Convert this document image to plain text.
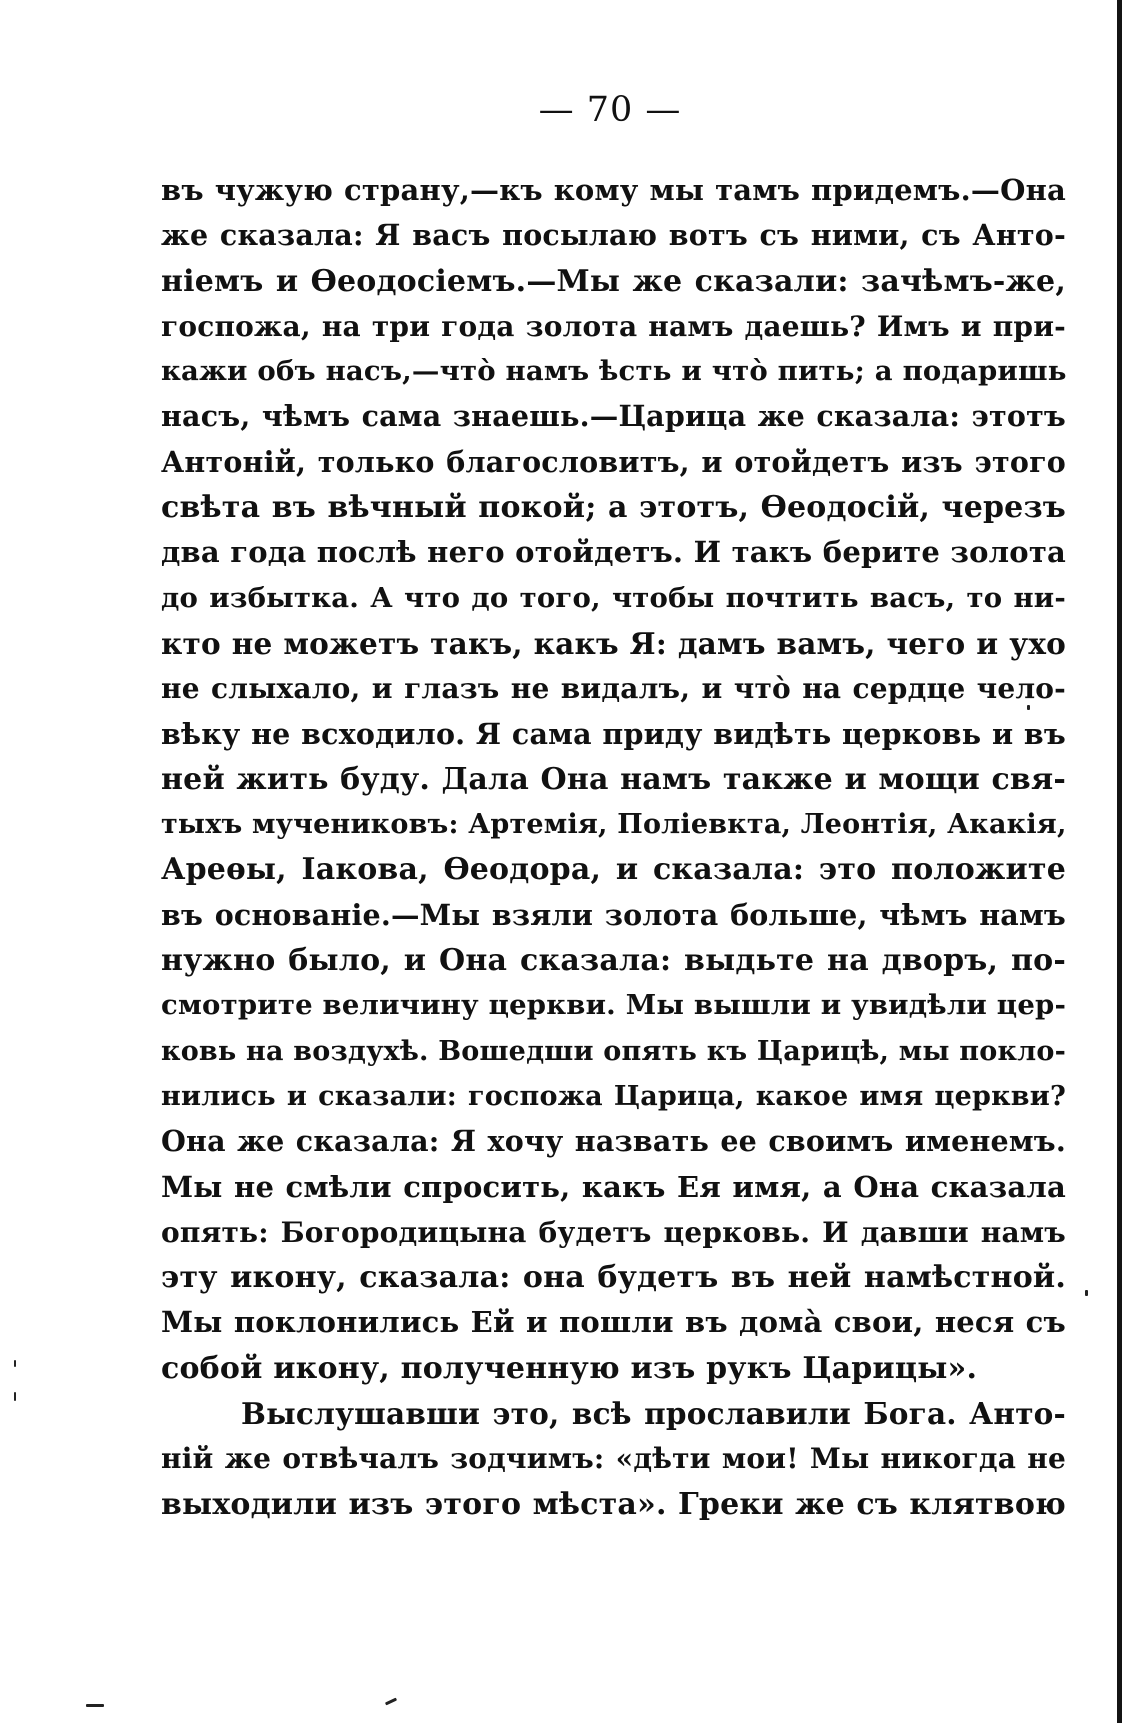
— 70 —
въ чужую страну,—къ кому мы тамъ придемъ.—Она
же сказала: Я васъ посылаю вотъ съ ними, съ Анто-
ніемъ и Ѳеодосіемъ.—Мы же сказали: зачѣмъ-же,
госпожа, на три года золота намъ даешь? Имъ и при-
кажи объ насъ,—что̀ намъ ѣсть и что̀ пить; а подаришь
насъ, чѣмъ сама знаешь.—Царица же сказала: этотъ
Антоній, только благословитъ, и отойдетъ изъ этого
свѣта въ вѣчный покой; а этотъ, Ѳеодосій, черезъ
два года послѣ него отойдетъ. И такъ берите золота
до избытка. А что до того, чтобы почтить васъ, то ни-
кто не можетъ такъ, какъ Я: дамъ вамъ, чего и ухо
не слыхало, и глазъ не видалъ, и что̀ на сердце чело-
вѣку не всходило. Я сама приду видѣть церковь и въ
ней жить буду. Дала Она намъ также и мощи свя-
тыхъ мучениковъ: Артемія, Поліевкта, Леонтія, Акакія,
Ареѳы, Іакова, Ѳеодора, и сказала: это положите
въ основаніе.—Мы взяли золота больше, чѣмъ намъ
нужно было, и Она сказала: выдьте на дворъ, по-
смотрите величину церкви. Мы вышли и увидѣли цер-
ковь на воздухѣ. Вошедши опять къ Царицѣ, мы покло-
нились и сказали: госпожа Царица, какое имя церкви?
Она же сказала: Я хочу назвать ее своимъ именемъ.
Мы не смѣли спросить, какъ Ея имя, а Она сказала
опять: Богородицына будетъ церковь. И давши намъ
эту икону, сказала: она будетъ въ ней намѣстной.
Мы поклонились Ей и пошли въ домà свои, неся съ
собой икону, полученную изъ рукъ Царицы».
Выслушавши это, всѣ прославили Бога. Анто-
ній же отвѣчалъ зодчимъ: «дѣти мои! Мы никогда не
выходили изъ этого мѣста». Греки же съ клятвою
